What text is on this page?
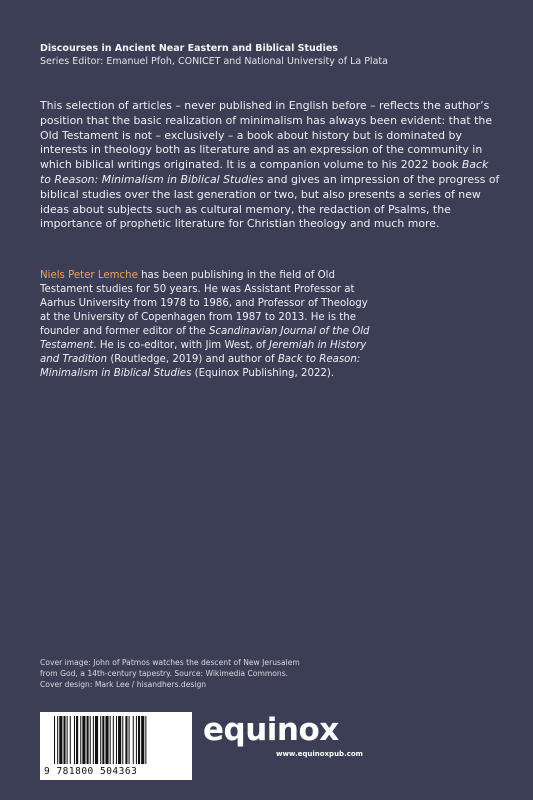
Discourses in Ancient Near Eastern and Biblical Studies
Series Editor: Emanuel Pfoh, CONICET and National University of La Plata

This selection of articles – never published in English before – reflects the author’s position that the basic realization of minimalism has always been evident: that the Old Testament is not – exclusively – a book about history but is dominated by interests in theology both as literature and as an expression of the community in which biblical writings originated. It is a companion volume to his 2022 book Back to Reason: Minimalism in Biblical Studies and gives an impression of the progress of biblical studies over the last generation or two, but also presents a series of new ideas about subjects such as cultural memory, the redaction of Psalms, the importance of prophetic literature for Christian theology and much more.

Niels Peter Lemche has been publishing in the field of Old Testament studies for 50 years. He was Assistant Professor at Aarhus University from 1978 to 1986, and Professor of Theology at the University of Copenhagen from 1987 to 2013. He is the founder and former editor of the Scandinavian Journal of the Old Testament. He is co-editor, with Jim West, of Jeremiah in History and Tradition (Routledge, 2019) and author of Back to Reason: Minimalism in Biblical Studies (Equinox Publishing, 2022).

Cover image: John of Patmos watches the descent of New Jerusalem
from God, a 14th-century tapestry. Source: Wikimedia Commons.
Cover design: Mark Lee / hisandhers.design
9 781800 504363
equinox
www.equinoxpub.com
